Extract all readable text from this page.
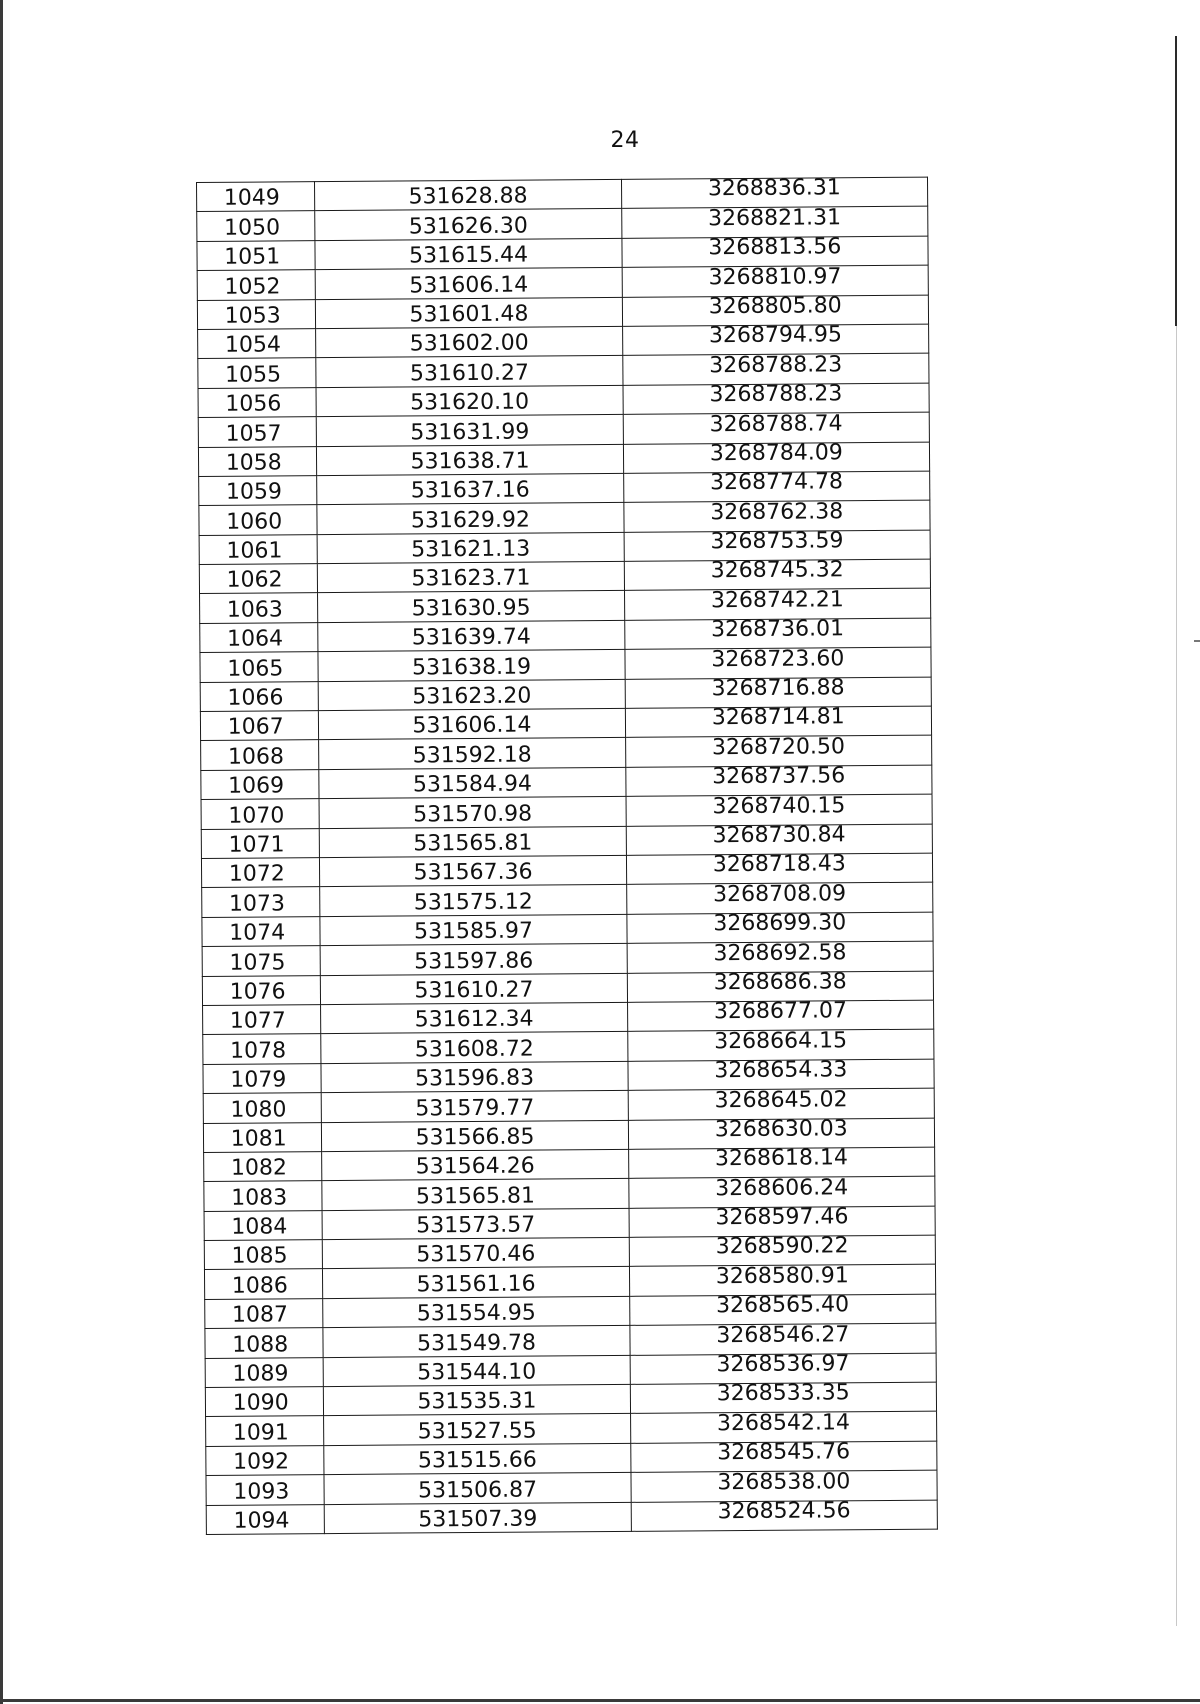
24
1049	531628.88	3268836.31
1050	531626.30	3268821.31
1051	531615.44	3268813.56
1052	531606.14	3268810.97
1053	531601.48	3268805.80
1054	531602.00	3268794.95
1055	531610.27	3268788.23
1056	531620.10	3268788.23
1057	531631.99	3268788.74
1058	531638.71	3268784.09
1059	531637.16	3268774.78
1060	531629.92	3268762.38
1061	531621.13	3268753.59
1062	531623.71	3268745.32
1063	531630.95	3268742.21
1064	531639.74	3268736.01
1065	531638.19	3268723.60
1066	531623.20	3268716.88
1067	531606.14	3268714.81
1068	531592.18	3268720.50
1069	531584.94	3268737.56
1070	531570.98	3268740.15
1071	531565.81	3268730.84
1072	531567.36	3268718.43
1073	531575.12	3268708.09
1074	531585.97	3268699.30
1075	531597.86	3268692.58
1076	531610.27	3268686.38
1077	531612.34	3268677.07
1078	531608.72	3268664.15
1079	531596.83	3268654.33
1080	531579.77	3268645.02
1081	531566.85	3268630.03
1082	531564.26	3268618.14
1083	531565.81	3268606.24
1084	531573.57	3268597.46
1085	531570.46	3268590.22
1086	531561.16	3268580.91
1087	531554.95	3268565.40
1088	531549.78	3268546.27
1089	531544.10	3268536.97
1090	531535.31	3268533.35
1091	531527.55	3268542.14
1092	531515.66	3268545.76
1093	531506.87	3268538.00
1094	531507.39	3268524.56
